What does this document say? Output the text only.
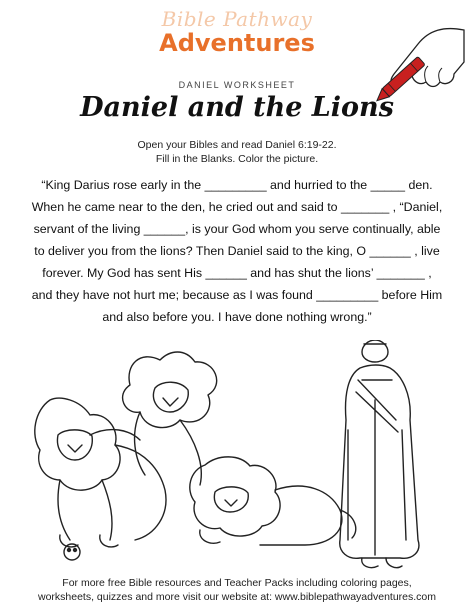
Bible Pathway
Adventures
DANIEL WORKSHEET
Daniel and the Lions
Open your Bibles and read Daniel 6:19-22.
Fill in the Blanks. Color the picture.
“King Darius rose early in the _________ and hurried to the _____ den.
When he came near to the den, he cried out and said to _______ , “Daniel,
servant of the living ______, is your God whom you serve continually, able
to deliver you from the lions? Then Daniel said to the king, O ______ , live
forever. My God has sent His ______ and has shut the lions’ _______ ,
and they have not hurt me; because as I was found _________ before Him
and also before you. I have done nothing wrong.”
For more free Bible resources and Teacher Packs including coloring pages,
worksheets, quizzes and more visit our website at: www.biblepathwayadventures.com
